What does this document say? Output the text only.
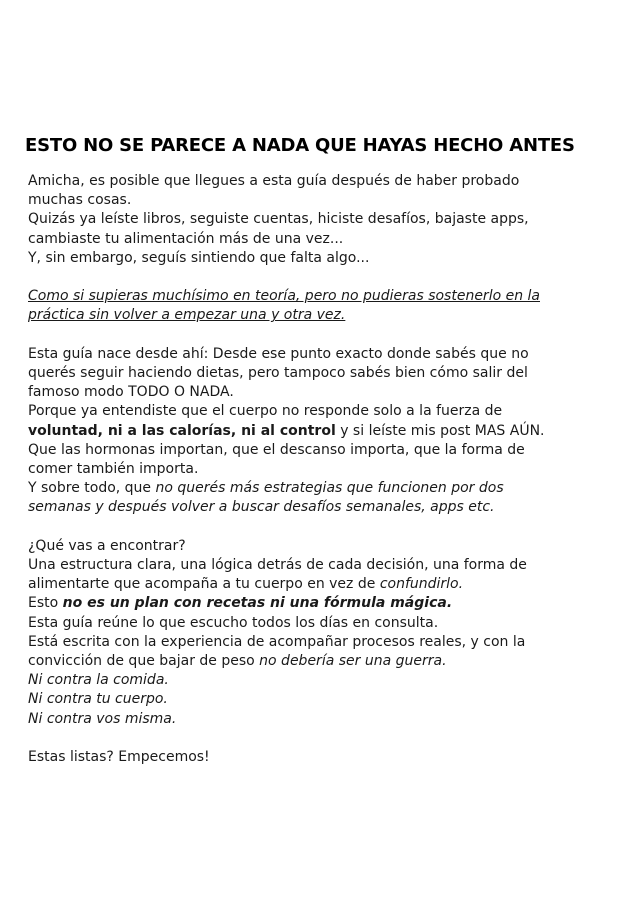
ESTO NO SE PARECE A NADA QUE HAYAS HECHO ANTES
Amicha, es posible que llegues a esta guía después de haber probado
muchas cosas.
Quizás ya leíste libros, seguiste cuentas, hiciste desafíos, bajaste apps,
cambiaste tu alimentación más de una vez...
Y, sin embargo, seguís sintiendo que falta algo...
Como si supieras muchísimo en teoría, pero no pudieras sostenerlo en la
práctica sin volver a empezar una y otra vez.
Esta guía nace desde ahí: Desde ese punto exacto donde sabés que no
querés seguir haciendo dietas, pero tampoco sabés bien cómo salir del
famoso modo TODO O NADA.
Porque ya entendiste que el cuerpo no responde solo a la fuerza de
voluntad, ni a las calorías, ni al control y si leíste mis post MAS AÚN.
Que las hormonas importan, que el descanso importa, que la forma de
comer también importa.
Y sobre todo, que no querés más estrategias que funcionen por dos
semanas y después volver a buscar desafíos semanales, apps etc.
¿Qué vas a encontrar?
Una estructura clara, una lógica detrás de cada decisión, una forma de
alimentarte que acompaña a tu cuerpo en vez de confundirlo.
Esto no es un plan con recetas ni una fórmula mágica.
Esta guía reúne lo que escucho todos los días en consulta.
Está escrita con la experiencia de acompañar procesos reales, y con la
convicción de que bajar de peso no debería ser una guerra.
Ni contra la comida.
Ni contra tu cuerpo.
Ni contra vos misma.
Estas listas? Empecemos!
